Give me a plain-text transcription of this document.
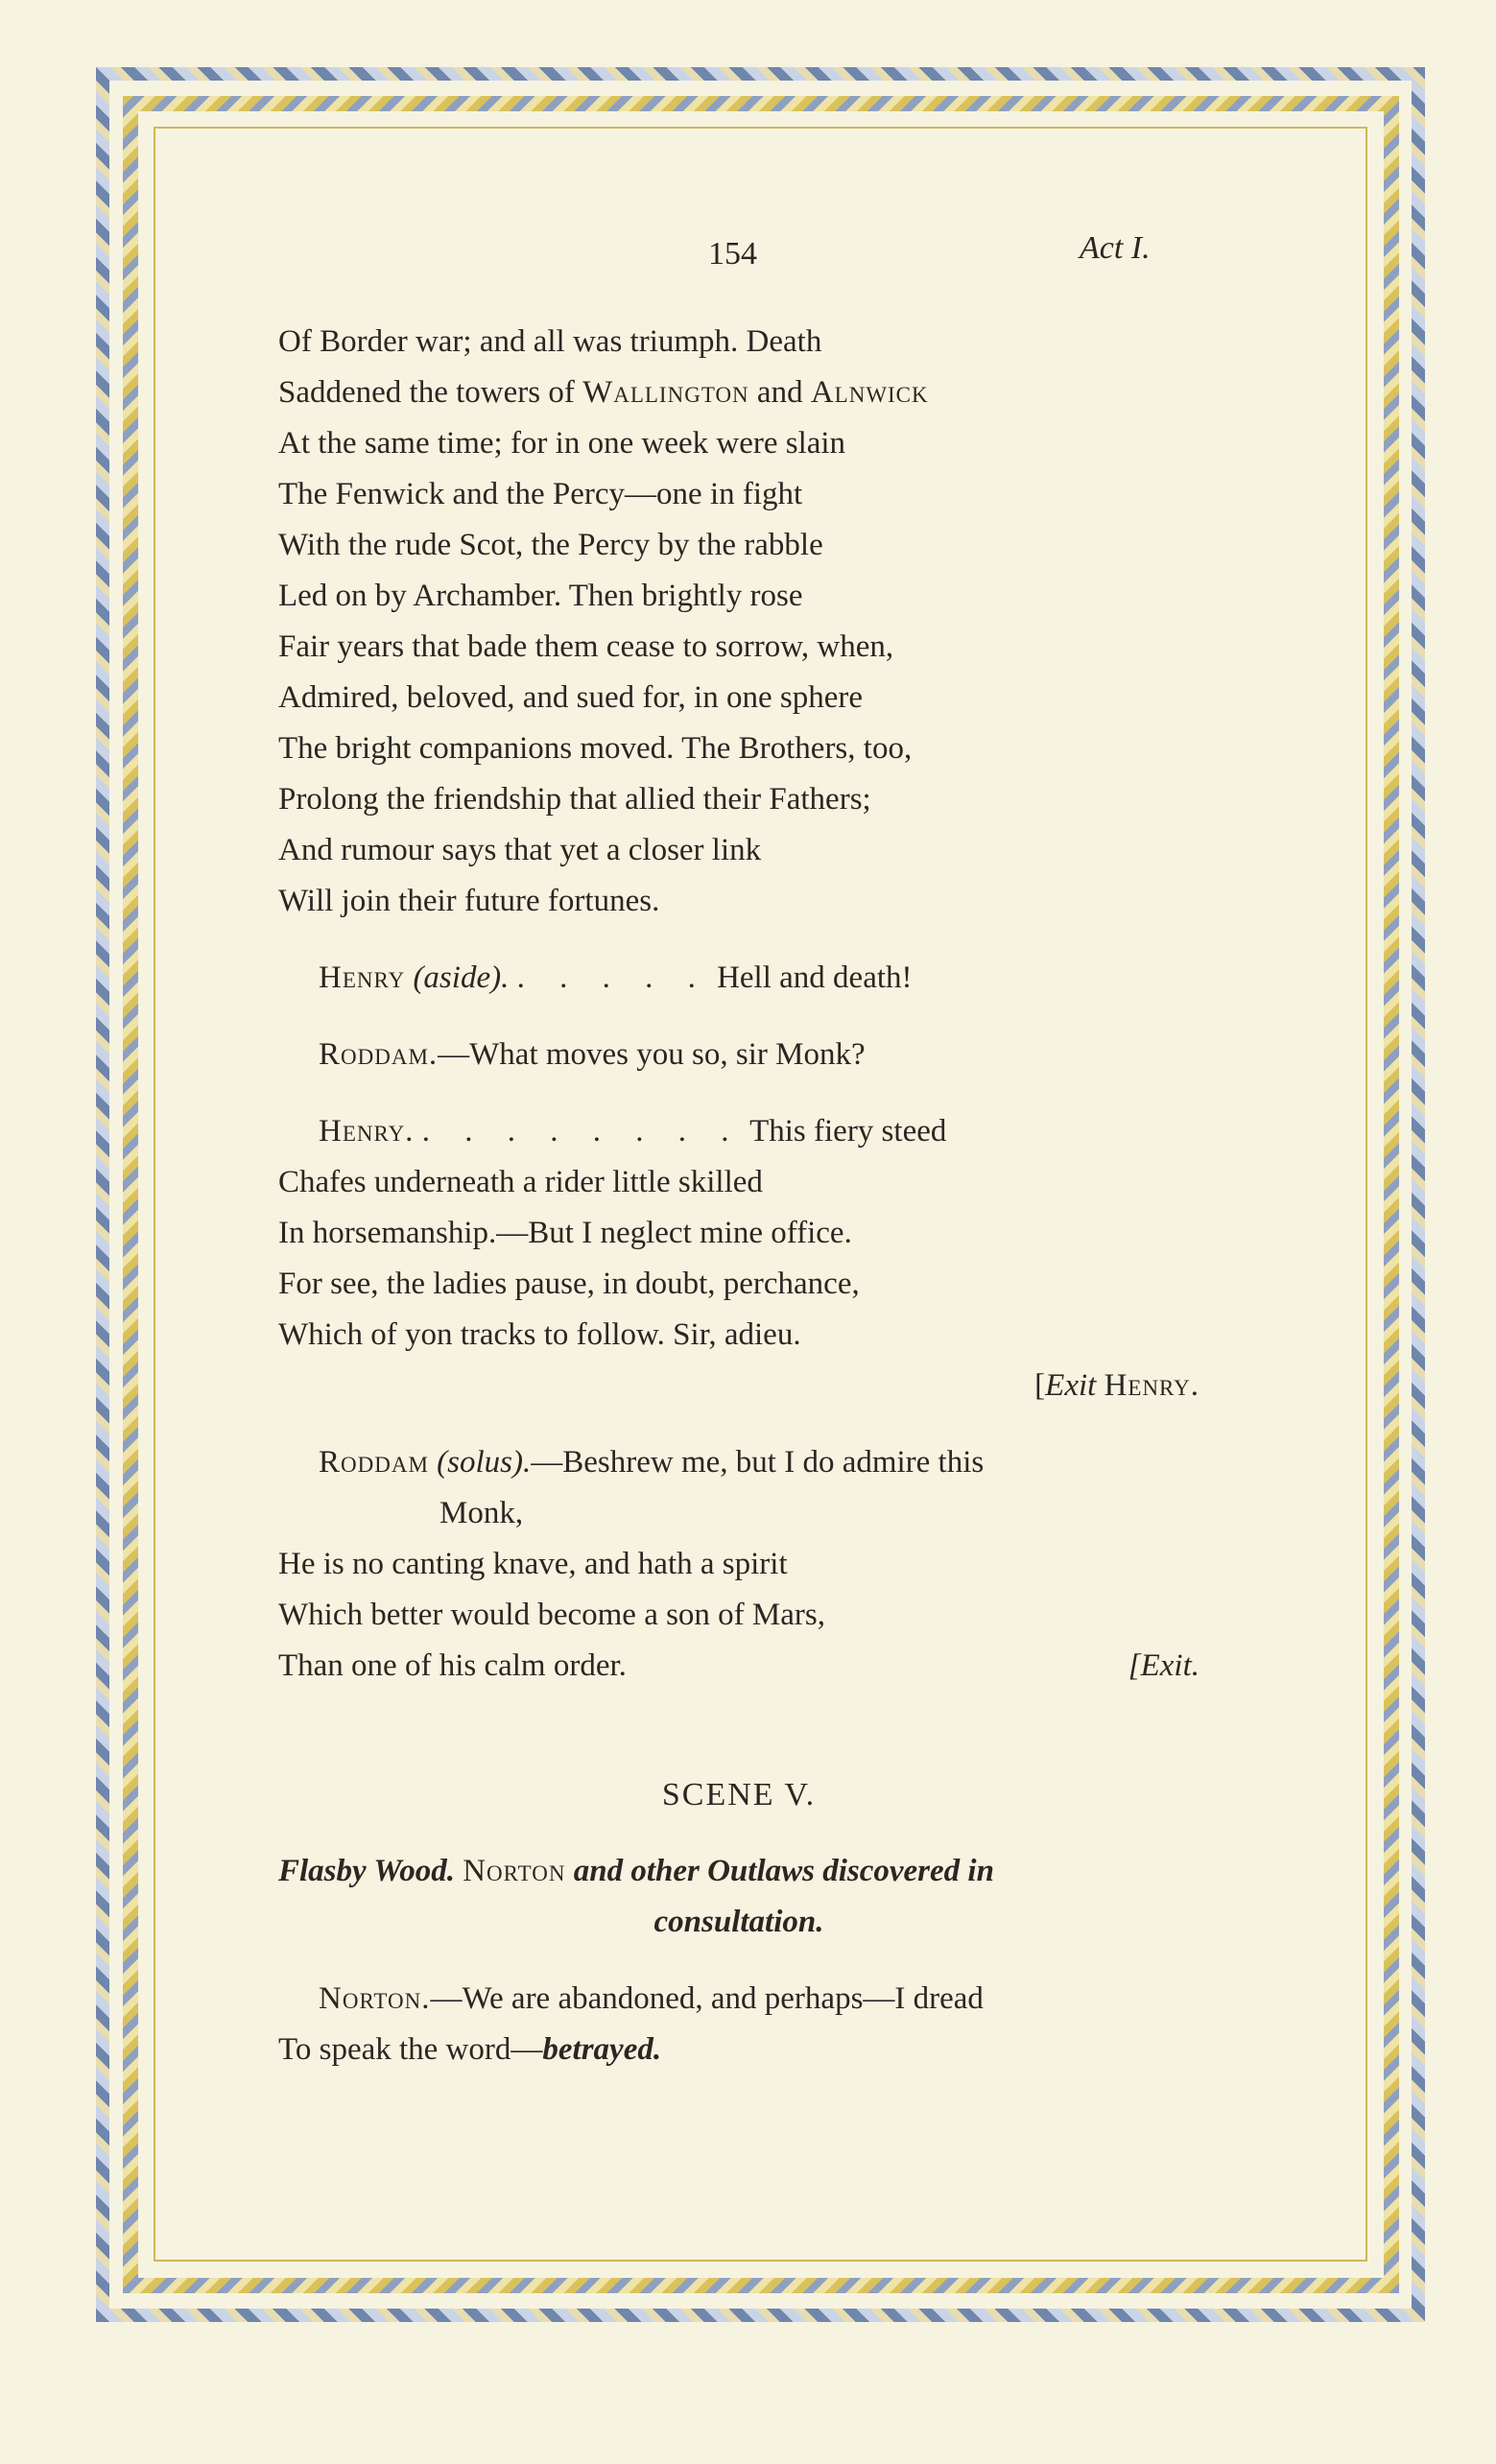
154	Act I.
Of Border war; and all was triumph. Death
Saddened the towers of Wallington and Alnwick
At the same time; for in one week were slain
The Fenwick and the Percy—one in fight
With the rude Scot, the Percy by the rabble
Led on by Archamber. Then brightly rose
Fair years that bade them cease to sorrow, when,
Admired, beloved, and sued for, in one sphere
The bright companions moved. The Brothers, too,
Prolong the friendship that allied their Fathers;
And rumour says that yet a closer link
Will join their future fortunes.
Henry (aside). . . . . . Hell and death!
Roddam.—What moves you so, sir Monk?
Henry. . . . . . . . . This fiery steed
Chafes underneath a rider little skilled
In horsemanship.—But I neglect mine office.
For see, the ladies pause, in doubt, perchance,
Which of yon tracks to follow. Sir, adieu.
[Exit Henry.
Roddam (solus).—Beshrew me, but I do admire this
Monk,
He is no canting knave, and hath a spirit
Which better would become a son of Mars,
Than one of his calm order.	[Exit.
SCENE V.
Flasby Wood. Norton and other Outlaws discovered in
consultation.
Norton.—We are abandoned, and perhaps—I dread
To speak the word—betrayed.
